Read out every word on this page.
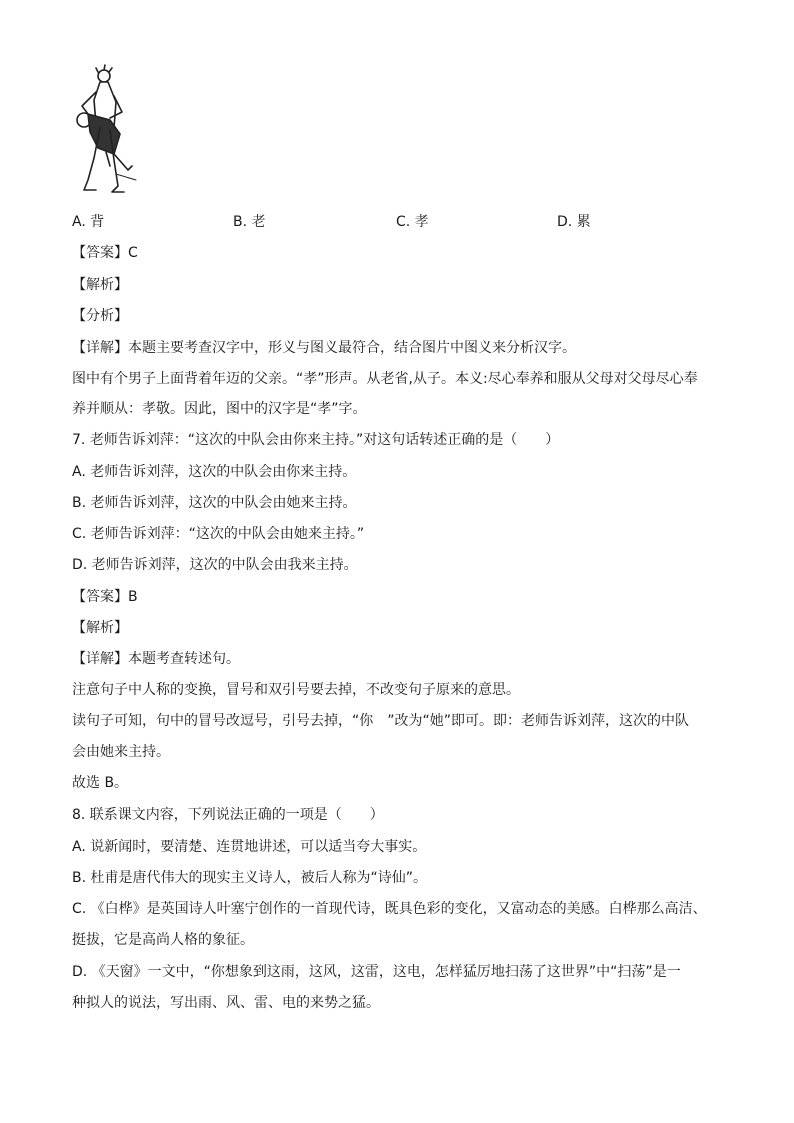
A. 背	B. 老	C. 孝	D. 累
【答案】C
【解析】
【分析】
【详解】本题主要考查汉字中，形义与图义最符合，结合图片中图义来分析汉字。
图中有个男子上面背着年迈的父亲。“孝”形声。从老省,从子。本义:尽心奉养和服从父母对父母尽心奉
养并顺从：孝敬。因此，图中的汉字是“孝”字。
7. 老师告诉刘萍：“这次的中队会由你来主持。”对这句话转述正确的是（　　）
A. 老师告诉刘萍，这次的中队会由你来主持。
B. 老师告诉刘萍，这次的中队会由她来主持。
C. 老师告诉刘萍：“这次的中队会由她来主持。”
D. 老师告诉刘萍，这次的中队会由我来主持。
【答案】B
【解析】
【详解】本题考查转述句。
注意句子中人称的变换，冒号和双引号要去掉，不改变句子原来的意思。
读句子可知，句中的冒号改逗号，引号去掉，“你　”改为“她”即可。即：老师告诉刘萍，这次的中队
会由她来主持。
故选 B。
8. 联系课文内容，下列说法正确的一项是（　　）
A. 说新闻时，要清楚、连贯地讲述，可以适当夸大事实。
B. 杜甫是唐代伟大的现实主义诗人，被后人称为“诗仙”。
C. 《白桦》是英国诗人叶塞宁创作的一首现代诗，既具色彩的变化，又富动态的美感。白桦那么高洁、
挺拔，它是高尚人格的象征。
D. 《天窗》一文中，“你想象到这雨，这风，这雷，这电，怎样猛厉地扫荡了这世界”中“扫荡”是一
种拟人的说法，写出雨、风、雷、电的来势之猛。
